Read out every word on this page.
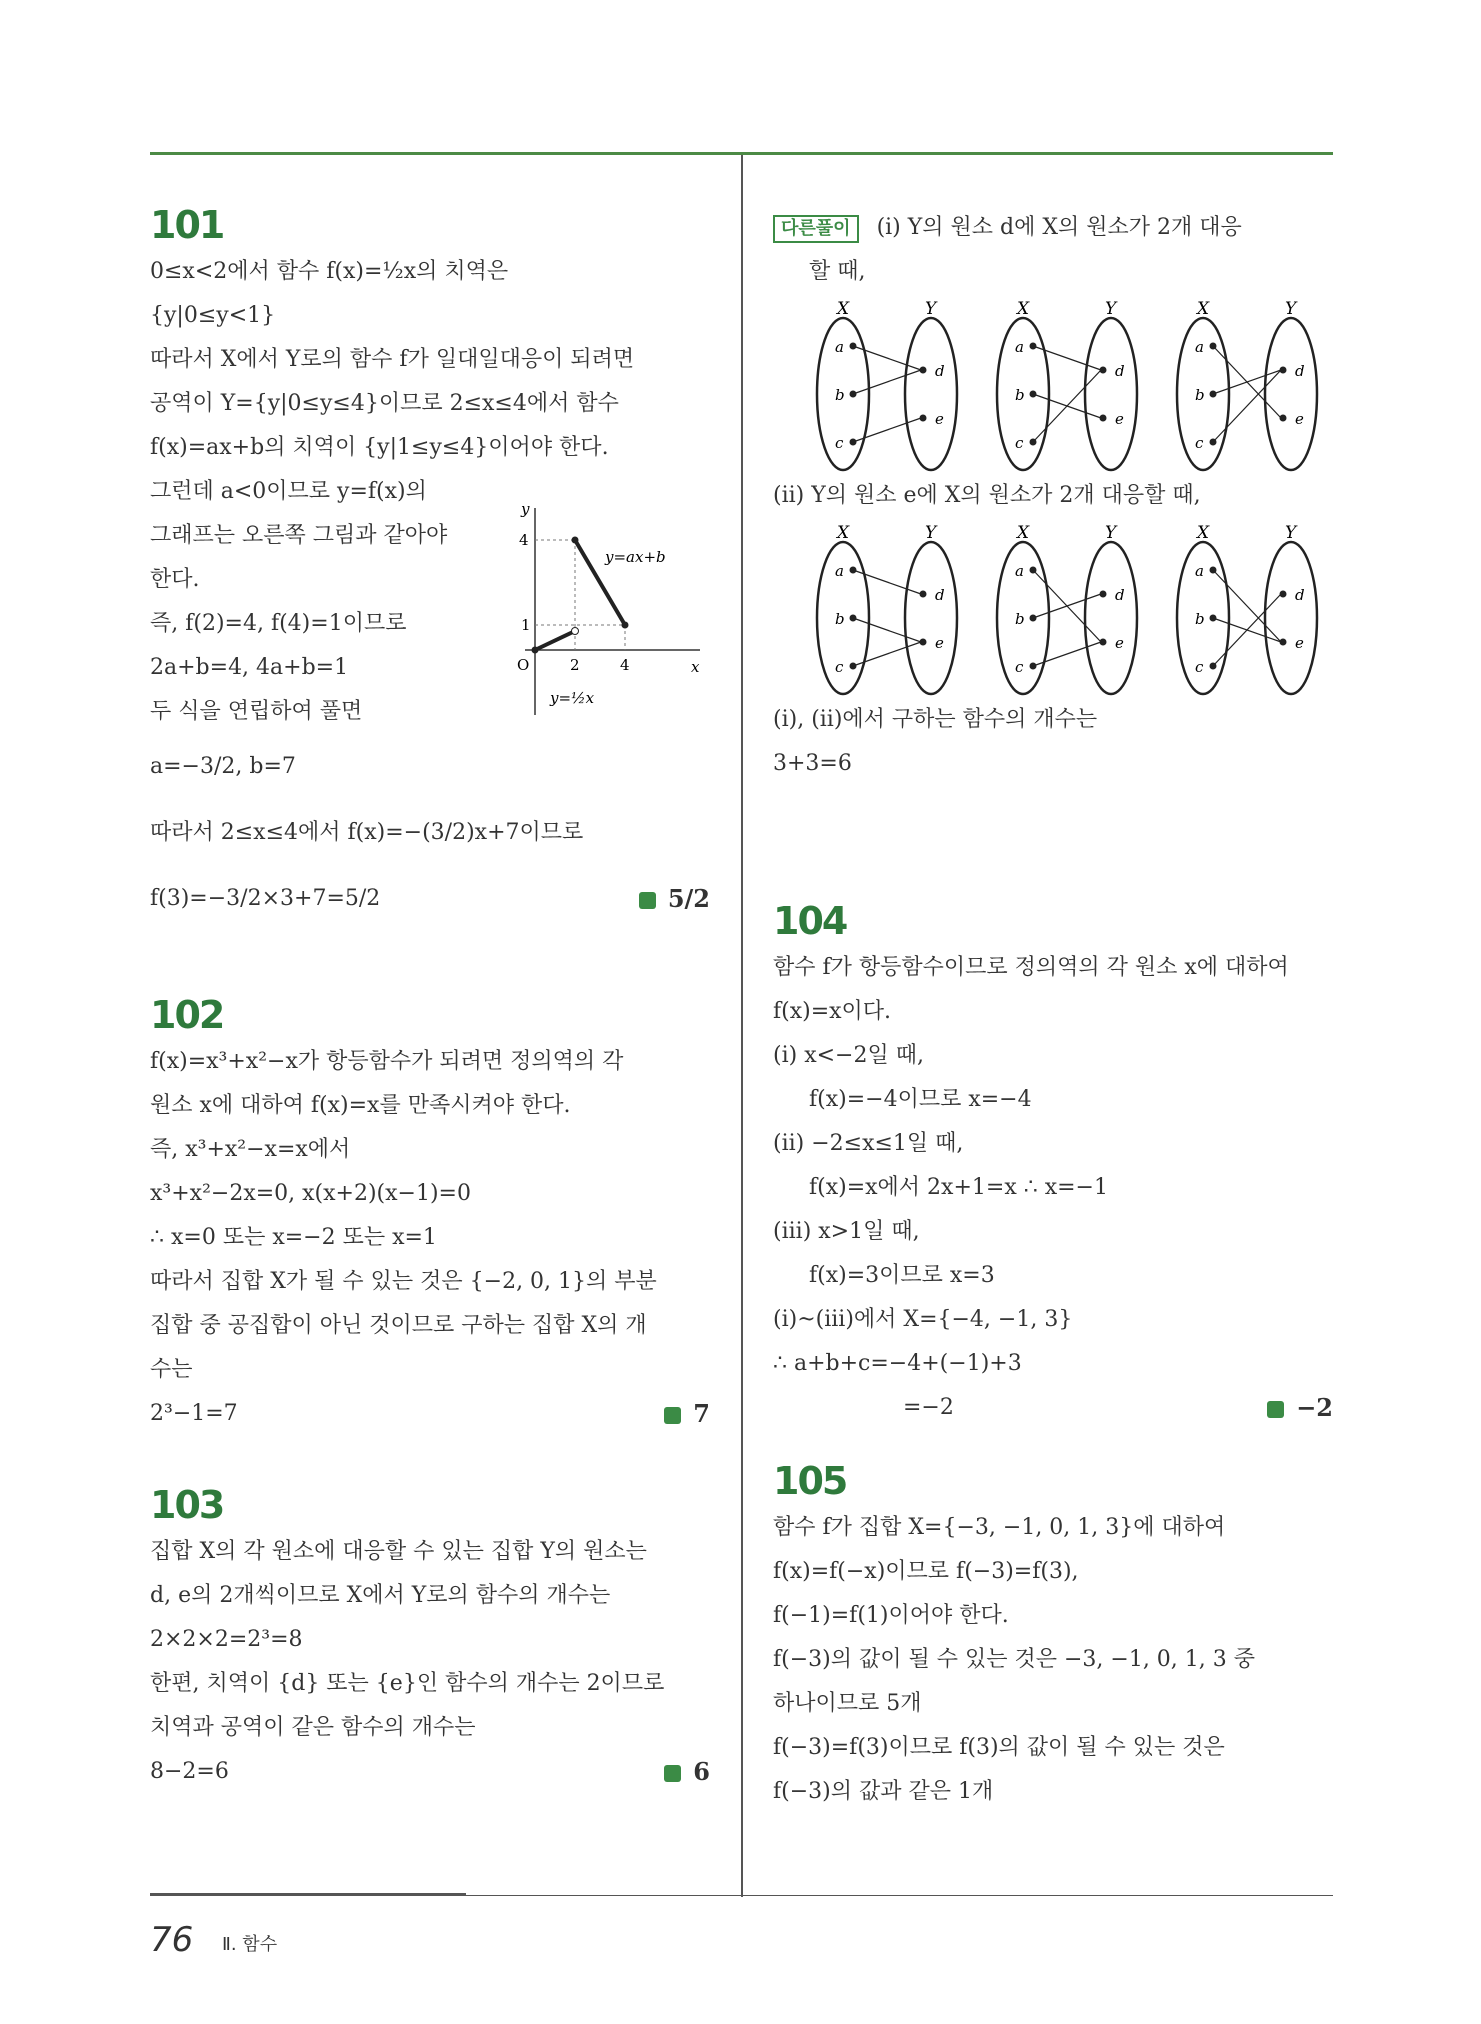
101
0≤x<2에서 함수 f(x)=½x의 치역은
{y|0≤y<1}
따라서 X에서 Y로의 함수 f가 일대일대응이 되려면
공역이 Y={y|0≤y≤4}이므로 2≤x≤4에서 함수
f(x)=ax+b의 치역이 {y|1≤y≤4}이어야 한다.
그런데 a<0이므로 y=f(x)의
그래프는 오른쪽 그림과 같아야
한다.
즉, f(2)=4, f(4)=1이므로
2a+b=4, 4a+b=1
두 식을 연립하여 풀면
a=−3/2, b=7
따라서 2≤x≤4에서 f(x)=−(3/2)x+7이므로
f(3)=−3/2×3+7=5/2	5/2
y
x
O
4
1
2	4
y=ax+b
y=½x
102
f(x)=x³+x²−x가 항등함수가 되려면 정의역의 각
원소 x에 대하여 f(x)=x를 만족시켜야 한다.
즉, x³+x²−x=x에서
x³+x²−2x=0, x(x+2)(x−1)=0
∴ x=0 또는 x=−2 또는 x=1
따라서 집합 X가 될 수 있는 것은 {−2, 0, 1}의 부분
집합 중 공집합이 아닌 것이므로 구하는 집합 X의 개
수는
2³−1=7	7
103
집합 X의 각 원소에 대응할 수 있는 집합 Y의 원소는
d, e의 2개씩이므로 X에서 Y로의 함수의 개수는
2×2×2=2³=8
한편, 치역이 {d} 또는 {e}인 함수의 개수는 2이므로
치역과 공역이 같은 함수의 개수는
8−2=6	6
다른풀이 (i) Y의 원소 d에 X의 원소가 2개 대응
할 때,
X	Y
a
b
c
d
e
X	Y
a
b
c
d
e
X	Y
a
b
c
d
e
(ii) Y의 원소 e에 X의 원소가 2개 대응할 때,
X	Y
a
b
c
d
e
X	Y
a
b
c
d
e
X	Y
a
b
c
d
e
(i), (ii)에서 구하는 함수의 개수는
3+3=6
104
함수 f가 항등함수이므로 정의역의 각 원소 x에 대하여
f(x)=x이다.
(i) x<−2일 때,
f(x)=−4이므로 x=−4
(ii) −2≤x≤1일 때,
f(x)=x에서 2x+1=x ∴ x=−1
(iii) x>1일 때,
f(x)=3이므로 x=3
(i)~(iii)에서 X={−4, −1, 3}
∴ a+b+c=−4+(−1)+3
=−2	−2
105
함수 f가 집합 X={−3, −1, 0, 1, 3}에 대하여
f(x)=f(−x)이므로 f(−3)=f(3),
f(−1)=f(1)이어야 한다.
f(−3)의 값이 될 수 있는 것은 −3, −1, 0, 1, 3 중
하나이므로 5개
f(−3)=f(3)이므로 f(3)의 값이 될 수 있는 것은
f(−3)의 값과 같은 1개
76 Ⅱ. 함수
